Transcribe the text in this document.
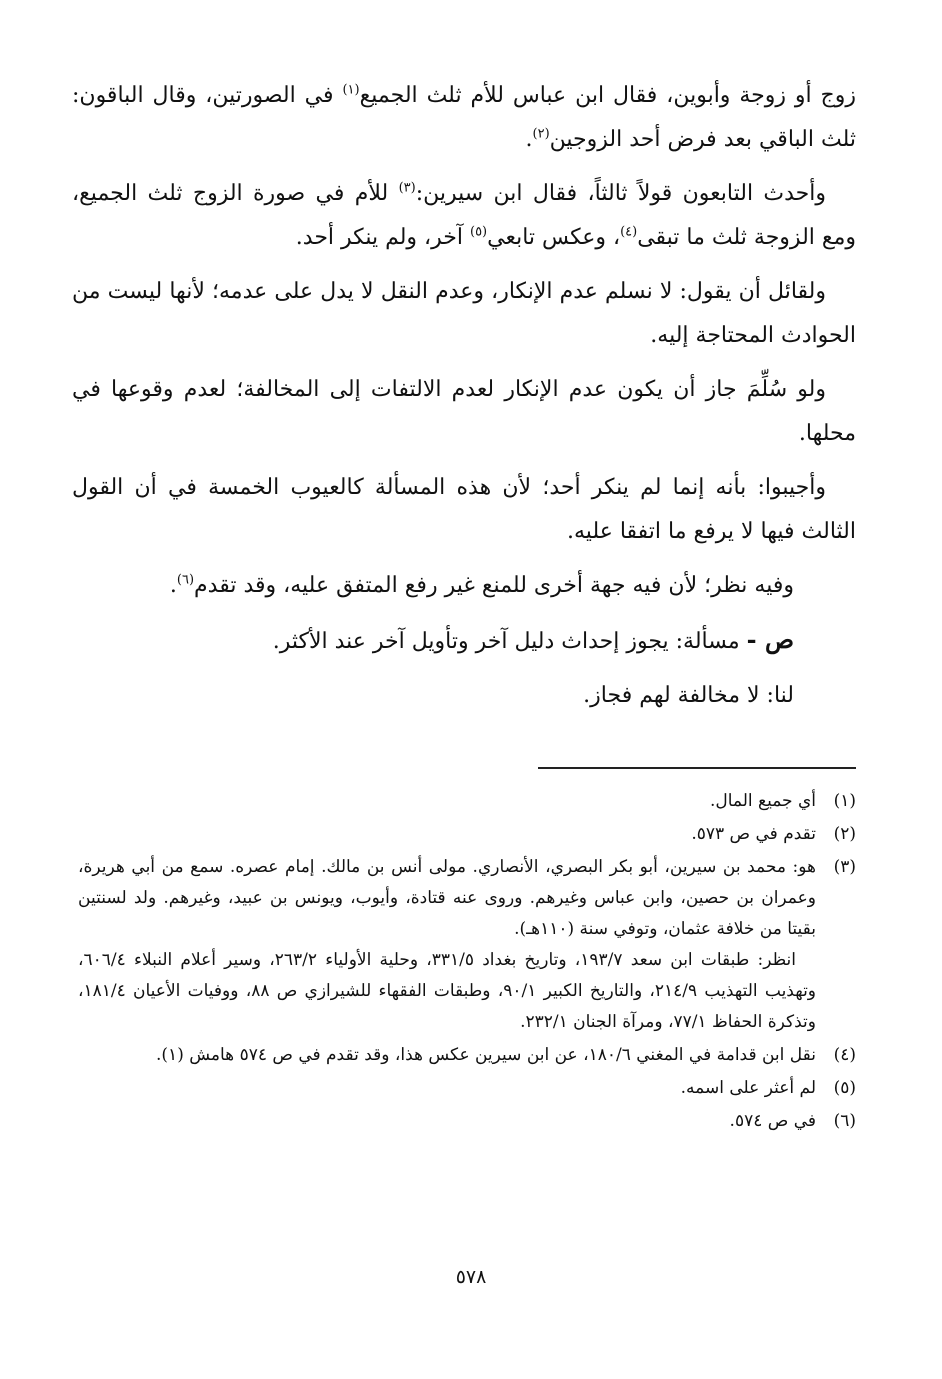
زوج أو زوجة وأبوين، فقال ابن عباس للأم ثلث الجميع$^{(١)}$ في الصورتين، وقال الباقون: ثلث الباقي بعد فرض أحد الزوجين$^{(٢)}$.

وأحدث التابعون قولاً ثالثاً، فقال ابن سيرين:$^{(٣)}$ للأم في صورة الزوج ثلث الجميع، ومع الزوجة ثلث ما تبقى$^{(٤)}$، وعكس تابعي$^{(٥)}$ آخر، ولم ينكر أحد.

ولقائل أن يقول: لا نسلم عدم الإنكار، وعدم النقل لا يدل على عدمه؛ لأنها ليست من الحوادث المحتاجة إليه.

ولو سُلِّمَ جاز أن يكون عدم الإنكار لعدم الالتفات إلى المخالفة؛ لعدم وقوعها في محلها.

وأجيبوا: بأنه إنما لم ينكر أحد؛ لأن هذه المسألة كالعيوب الخمسة في أن القول الثالث فيها لا يرفع ما اتفقا عليه.

وفيه نظر؛ لأن فيه جهة أخرى للمنع غير رفع المتفق عليه، وقد تقدم$^{(٦)}$.

ص - مسألة: يجوز إحداث دليل آخر وتأويل آخر عند الأكثر.

لنا: لا مخالفة لهم فجاز.

(١)
أي جميع المال.
(٢)
تقدم في ص ٥٧٣.
(٣)
هو: محمد بن سيرين، أبو بكر البصري، الأنصاري. مولى أنس بن مالك. إمام عصره. سمع من أبي هريرة، وعمران بن حصين، وابن عباس وغيرهم. وروى عنه قتادة، وأيوب، ويونس بن عبيد، وغيرهم. ولد لسنتين بقيتا من خلافة عثمان، وتوفي سنة (١١٠هـ).
انظر: طبقات ابن سعد ١٩٣/٧، وتاريخ بغداد ٣٣١/٥، وحلية الأولياء ٢٦٣/٢، وسير أعلام النبلاء ٦٠٦/٤، وتهذيب التهذيب ٢١٤/٩، والتاريخ الكبير ٩٠/١، وطبقات الفقهاء للشيرازي ص ٨٨، ووفيات الأعيان ١٨١/٤، وتذكرة الحفاظ ٧٧/١، ومرآة الجنان ٢٣٢/١.
(٤)
نقل ابن قدامة في المغني ١٨٠/٦، عن ابن سيرين عكس هذا، وقد تقدم في ص ٥٧٤ هامش (١).
(٥)
لم أعثر على اسمه.
(٦)
في ص ٥٧٤.
٥٧٨
